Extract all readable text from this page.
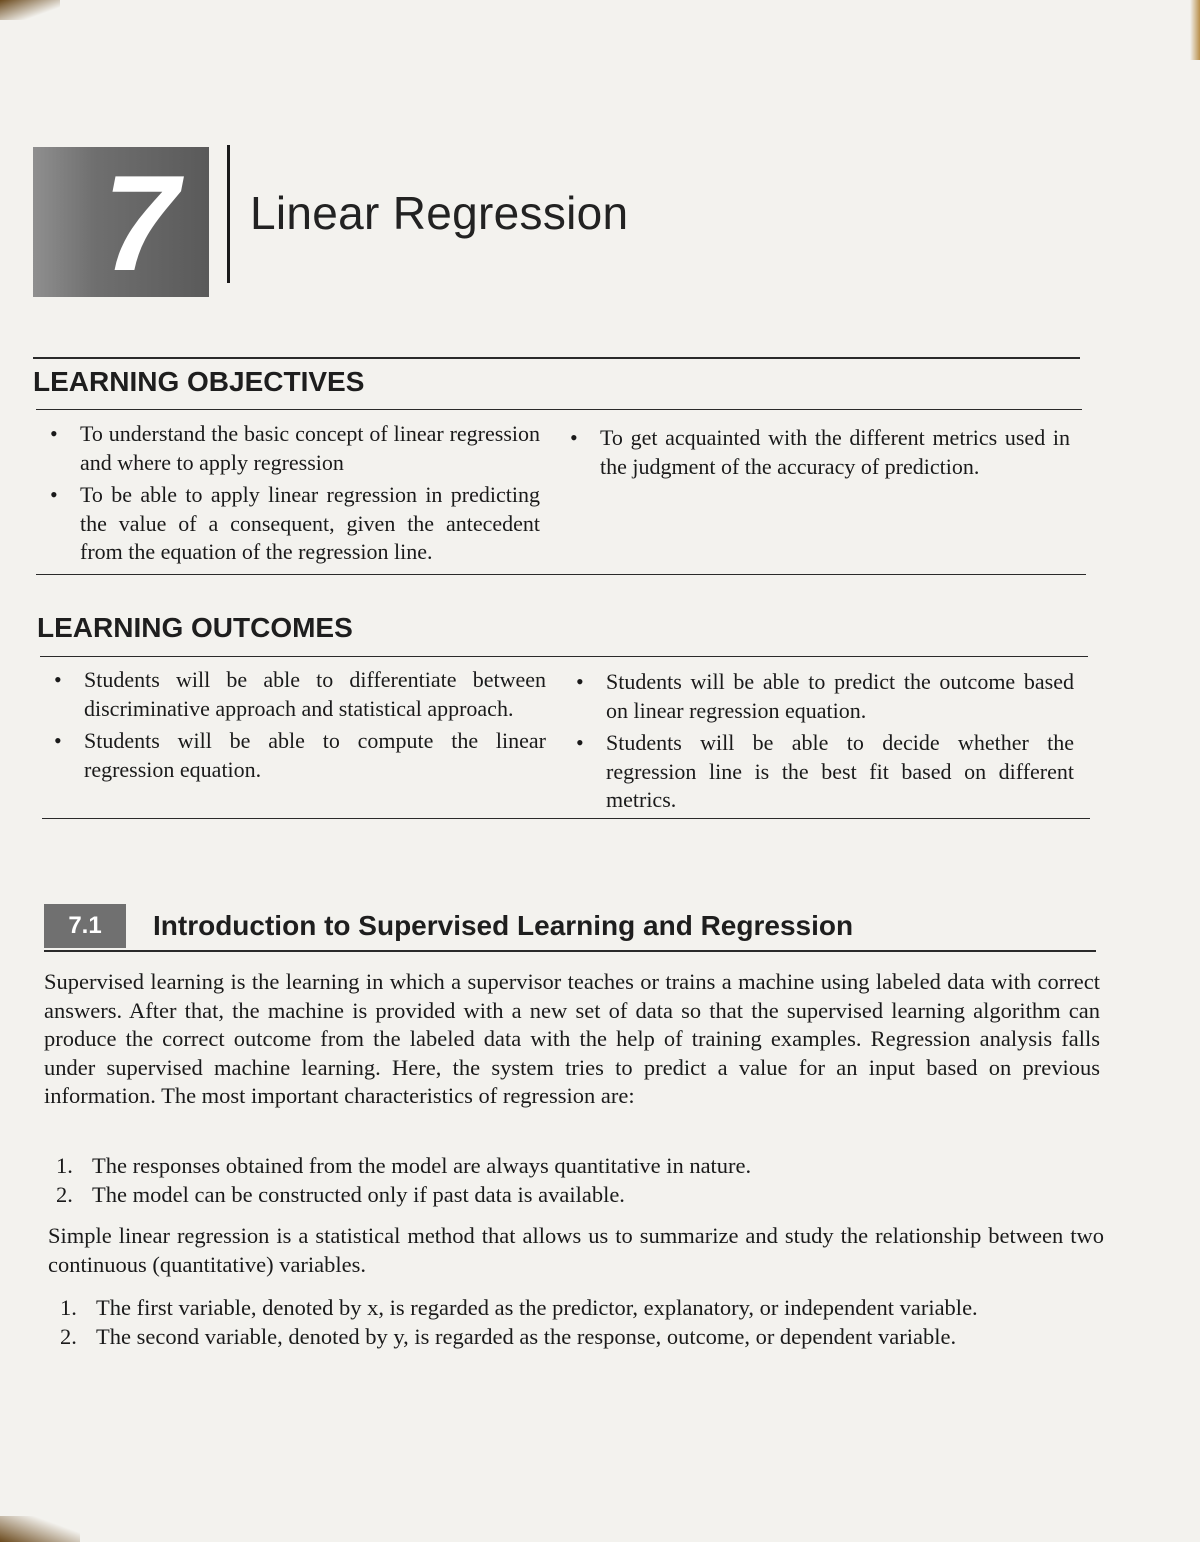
7 Linear Regression
LEARNING OBJECTIVES
• To understand the basic concept of linear regression and where to apply regression
• To be able to apply linear regression in predicting the value of a consequent, given the antecedent from the equation of the regression line.
• To get acquainted with the different metrics used in the judgment of the accuracy of prediction.
LEARNING OUTCOMES
• Students will be able to differentiate between discriminative approach and statistical approach.
• Students will be able to compute the linear regression equation.
• Students will be able to predict the outcome based on linear regression equation.
• Students will be able to decide whether the regression line is the best fit based on different metrics.
7.1	Introduction to Supervised Learning and Regression
Supervised learning is the learning in which a supervisor teaches or trains a machine using labeled data with correct answers. After that, the machine is provided with a new set of data so that the supervised learning algorithm can produce the correct outcome from the labeled data with the help of training examples. Regression analysis falls under supervised machine learning. Here, the system tries to predict a value for an input based on previous information. The most important characteristics of regression are:
1. The responses obtained from the model are always quantitative in nature.
2. The model can be constructed only if past data is available.
Simple linear regression is a statistical method that allows us to summarize and study the relationship between two continuous (quantitative) variables.
1. The first variable, denoted by x, is regarded as the predictor, explanatory, or independent variable.
2. The second variable, denoted by y, is regarded as the response, outcome, or dependent variable.
